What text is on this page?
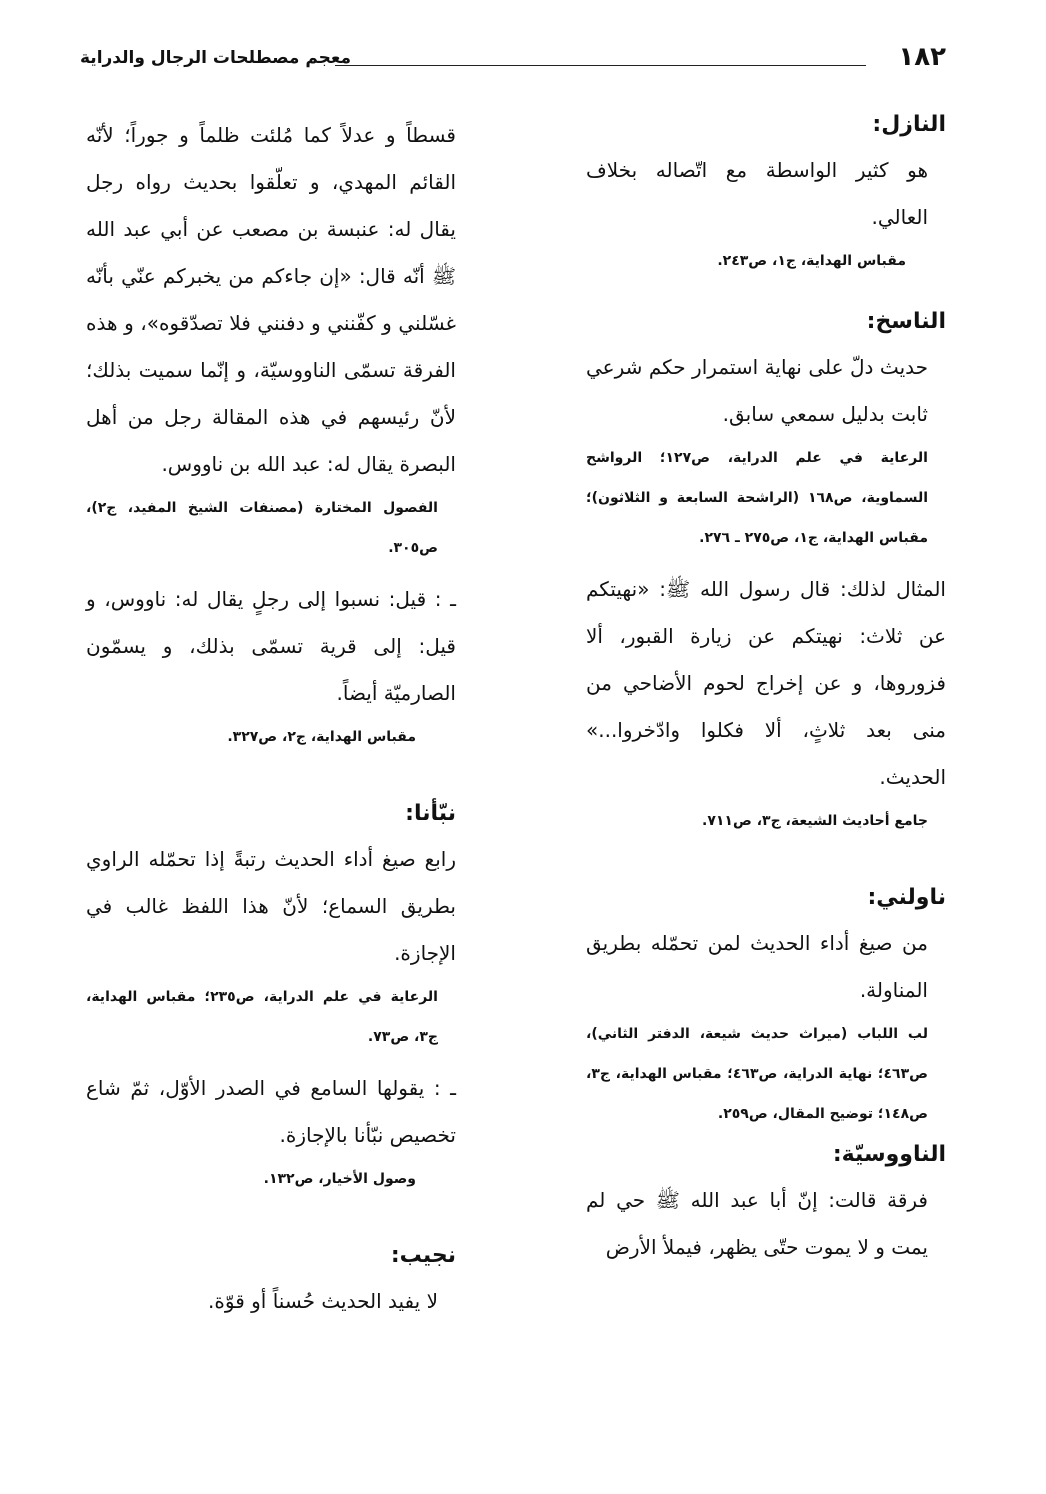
١٨٢
معجم مصطلحات الرجال والدراية
النازل:

هو كثير الواسطة مع اتّصاله بخلاف العالي.

مقباس الهداية، ج١، ص٢٤٣.

الناسخ:

حديث دلّ على نهاية استمرار حكم شرعي ثابت بدليل سمعي سابق.

الرعاية في علم الدراية، ص١٢٧؛ الرواشح السماوية، ص١٦٨ (الراشحة السابعة و الثلاثون)؛ مقباس الهداية، ج١، ص٢٧٥ ـ ٢٧٦.

المثال لذلك: قال رسول الله ﷺ: «نهيتكم عن ثلاث: نهيتكم عن زيارة القبور، ألا فزوروها، و عن إخراج لحوم الأضاحي من منى بعد ثلاثٍ، ألا فكلوا وادّخروا...» الحديث.

جامع أحاديث الشيعة، ج٣، ص٧١١.

ناولني:

من صيغ أداء الحديث لمن تحمّله بطريق المناولة.

لب اللباب (ميراث حديث شيعة، الدفتر الثاني)، ص٤٦٣؛ نهاية الدراية، ص٤٦٣؛ مقباس الهداية، ج٣، ص١٤٨؛ توضيح المقال، ص٢٥٩.

الناووسيّة:

فرقة قالت: إنّ أبا عبد الله ﷺ حي لم يمت و لا يموت حتّى يظهر، فيملأ الأرض

قسطاً و عدلاً كما مُلئت ظلماً و جوراً؛ لأنّه القائم المهدي، و تعلّقوا بحديث رواه رجل يقال له: عنبسة بن مصعب عن أبي عبد الله ﷺ أنّه قال: «إن جاءكم من يخبركم عنّي بأنّه غسّلني و كفّنني و دفنني فلا تصدّقوه»، و هذه الفرقة تسمّى الناووسيّة، و إنّما سميت بذلك؛ لأنّ رئيسهم في هذه المقالة رجل من أهل البصرة يقال له: عبد الله بن ناووس.

الفصول المختارة (مصنفات الشيخ المفيد، ج٢)، ص٣٠٥.

ـ : قيل: نسبوا إلى رجلٍ يقال له: ناووس، و قيل: إلى قرية تسمّى بذلك، و يسمّون الصارميّة أيضاً.

مقباس الهداية، ج٢، ص٣٢٧.

نبّأنا:

رابع صيغ أداء الحديث رتبةً إذا تحمّله الراوي بطريق السماع؛ لأنّ هذا اللفظ غالب في الإجازة.

الرعاية في علم الدراية، ص٢٣٥؛ مقباس الهداية، ج٣، ص٧٣.

ـ : يقولها السامع في الصدر الأوّل، ثمّ شاع تخصيص نبّأنا بالإجازة.

وصول الأخيار، ص١٣٢.

نجيب:

لا يفيد الحديث حُسناً أو قوّة.
